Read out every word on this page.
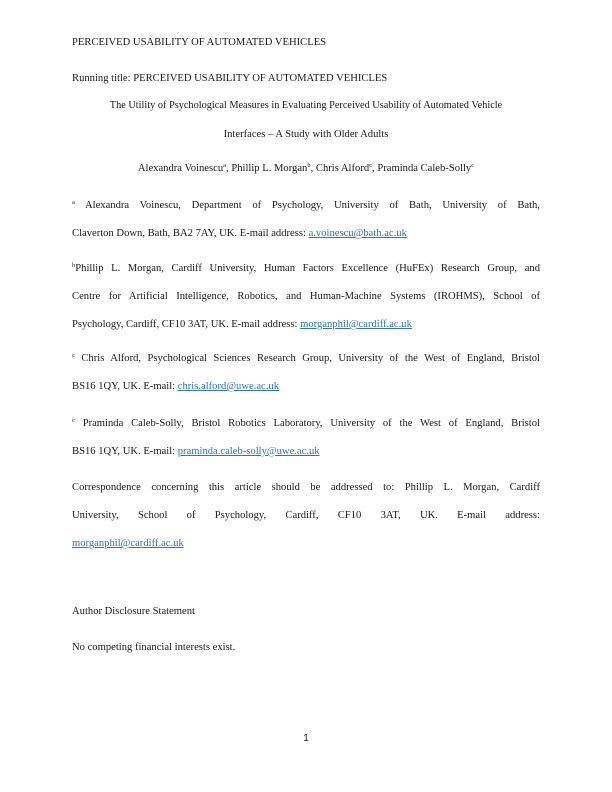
PERCEIVED USABILITY OF AUTOMATED VEHICLES
Running title: PERCEIVED USABILITY OF AUTOMATED VEHICLES
The Utility of Psychological Measures in Evaluating Perceived Usability of Automated Vehicle
Interfaces – A Study with Older Adults
Alexandra Voinescu$^a$, Phillip L. Morgan$^b$, Chris Alford$^c$, Praminda Caleb-Solly$^c$
$^a$ Alexandra Voinescu, Department of Psychology, University of Bath, University of Bath,
Claverton Down, Bath, BA2 7AY, UK. E-mail address: a.voinescu@bath.ac.uk
$^b$Phillip L. Morgan, Cardiff University, Human Factors Excellence (HuFEx) Research Group, and
Centre for Artificial Intelligence, Robotics, and Human-Machine Systems (IROHMS), School of
Psychology, Cardiff, CF10 3AT, UK. E-mail address: morganphil@cardiff.ac.uk
$^c$ Chris Alford, Psychological Sciences Research Group, University of the West of England, Bristol
BS16 1QY, UK. E-mail: chris.alford@uwe.ac.uk
$^c$ Praminda Caleb-Solly, Bristol Robotics Laboratory, University of the West of England, Bristol
BS16 1QY, UK. E-mail: praminda.caleb-solly@uwe.ac.uk
Correspondence concerning this article should be addressed to: Phillip L. Morgan, Cardiff
University, School of Psychology, Cardiff, CF10 3AT, UK. E-mail address:
morganphil@cardiff.ac.uk
Author Disclosure Statement
No competing financial interests exist.
1
